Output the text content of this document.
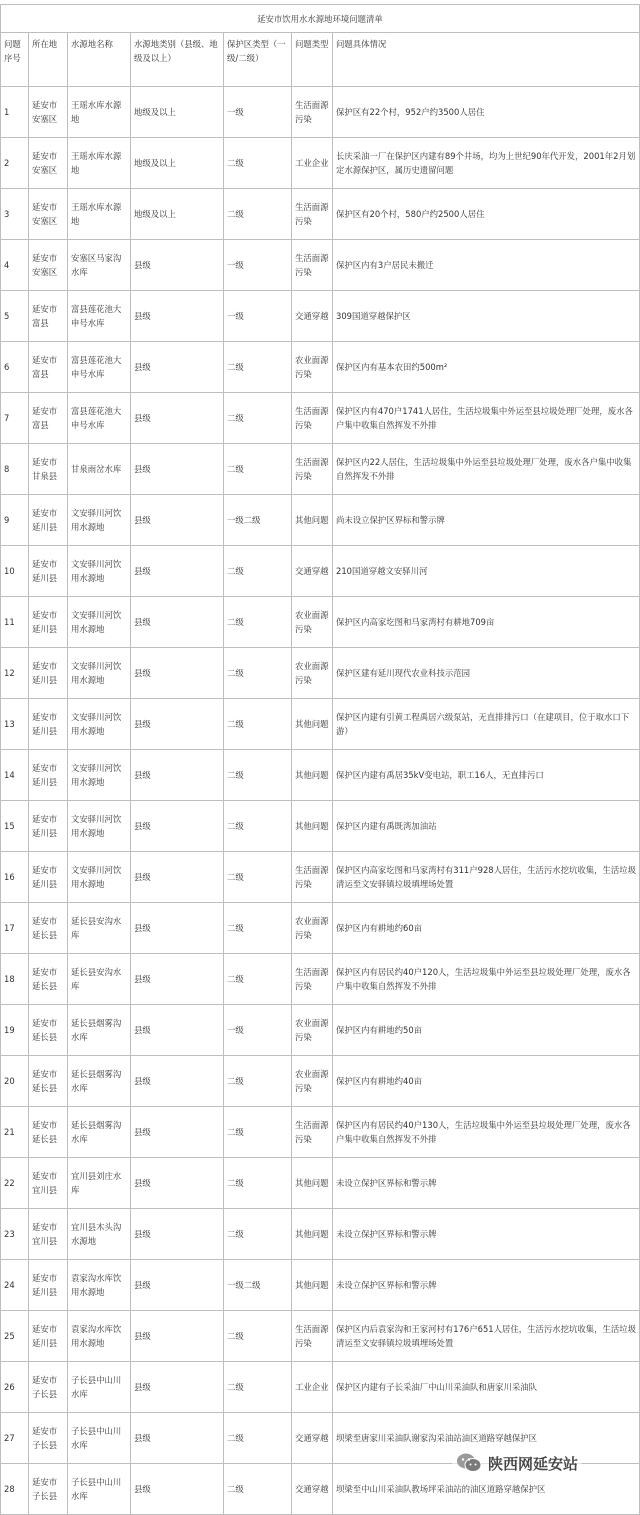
延安市饮用水水源地环境问题清单						
问题序号	所在地	水源地名称	水源地类别（县级、地级及以上）	保护区类型（一级/二级）	问题类型	问题具体情况
1	延安市安塞区	王瑶水库水源地	地级及以上	一级	生活面源污染	保护区有22个村，952户约3500人居住
2	延安市安塞区	王瑶水库水源地	地级及以上	二级	工业企业	长庆采油一厂在保护区内建有89个井场，均为上世纪90年代开发，2001年2月划定水源保护区，属历史遗留问题
3	延安市安塞区	王瑶水库水源地	地级及以上	二级	生活面源污染	保护区有20个村，580户约2500人居住
4	延安市安塞区	安塞区马家沟水库	县级	一级	生活面源污染	保护区内有3户居民未搬迁
5	延安市富县	富县莲花池大申号水库	县级	一级	交通穿越	309国道穿越保护区
6	延安市富县	富县莲花池大申号水库	县级	二级	农业面源污染	保护区内有基本农田约500m²
7	延安市富县	富县莲花池大申号水库	县级	二级	生活面源污染	保护区内有470户1741人居住，生活垃圾集中外运至县垃圾处理厂处理，废水各户集中收集自然挥发不外排
8	延安市甘泉县	甘泉雨岔水库	县级	二级	生活面源污染	保护区内22人居住，生活垃圾集中外运至县垃圾处理厂处理，废水各户集中收集自然挥发不外排
9	延安市延川县	文安驿川河饮用水源地	县级	一级二级	其他问题	尚未设立保护区界标和警示牌
10	延安市延川县	文安驿川河饮用水源地	县级	二级	交通穿越	210国道穿越文安驿川河
11	延安市延川县	文安驿川河饮用水源地	县级	二级	农业面源污染	保护区内高家圪图和马家湾村有耕地709亩
12	延安市延川县	文安驿川河饮用水源地	县级	二级	农业面源污染	保护区建有延川现代农业科技示范园
13	延安市延川县	文安驿川河饮用水源地	县级	二级	其他问题	保护区内建有引黄工程禹居六级泵站，无直排排污口（在建项目，位于取水口下游）
14	延安市延川县	文安驿川河饮用水源地	县级	二级	其他问题	保护区内建有禹居35kV变电站，职工16人，无直排污口
15	延安市延川县	文安驿川河饮用水源地	县级	二级	其他问题	保护区内建有禹既湾加油站
16	延安市延川县	文安驿川河饮用水源地	县级	二级	生活面源污染	保护区内高家圪图和马家湾村有311户928人居住，生活污水挖坑收集，生活垃圾清运至文安驿镇垃圾填埋场处置
17	延安市延长县	延长县安沟水库	县级	二级	农业面源污染	保护区内有耕地约60亩
18	延安市延长县	延长县安沟水库	县级	二级	生活面源污染	保护区内有居民约40户120人，生活垃圾集中外运至县垃圾处理厂处理，废水各户集中收集自然挥发不外排
19	延安市延长县	延长县烟雾沟水库	县级	一级	农业面源污染	保护区内有耕地约50亩
20	延安市延长县	延长县烟雾沟水库	县级	二级	农业面源污染	保护区内有耕地约40亩
21	延安市延长县	延长县烟雾沟水库	县级	二级	生活面源污染	保护区内有居民约40户130人，生活垃圾集中外运至县垃圾处理厂处理，废水各户集中收集自然挥发不外排
22	延安市宜川县	宜川县刘庄水库	县级	二级	其他问题	未设立保护区界标和警示牌
23	延安市宜川县	宜川县木头沟水源地	县级	二级	其他问题	未设立保护区界标和警示牌
24	延安市延川县	袁家沟水库饮用水源地	县级	一级二级	其他问题	未设立保护区界标和警示牌
25	延安市延川县	袁家沟水库饮用水源地	县级	二级	生活面源污染	保护区内后袁家沟和王家河村有176户651人居住，生活污水挖坑收集，生活垃圾清运至文安驿镇垃圾填埋场处置
26	延安市子长县	子长县中山川水库	县级	二级	工业企业	保护区内建有子长采油厂中山川采油队和唐家川采油队
27	延安市子长县	子长县中山川水库	县级	二级	交通穿越	坝梁至唐家川采油队谢家沟采油站油区道路穿越保护区
28	延安市子长县	子长县中山川水库	县级	二级	交通穿越	坝梁至中山川采油队教场坪采油站的油区道路穿越保护区
陕西网延安站
